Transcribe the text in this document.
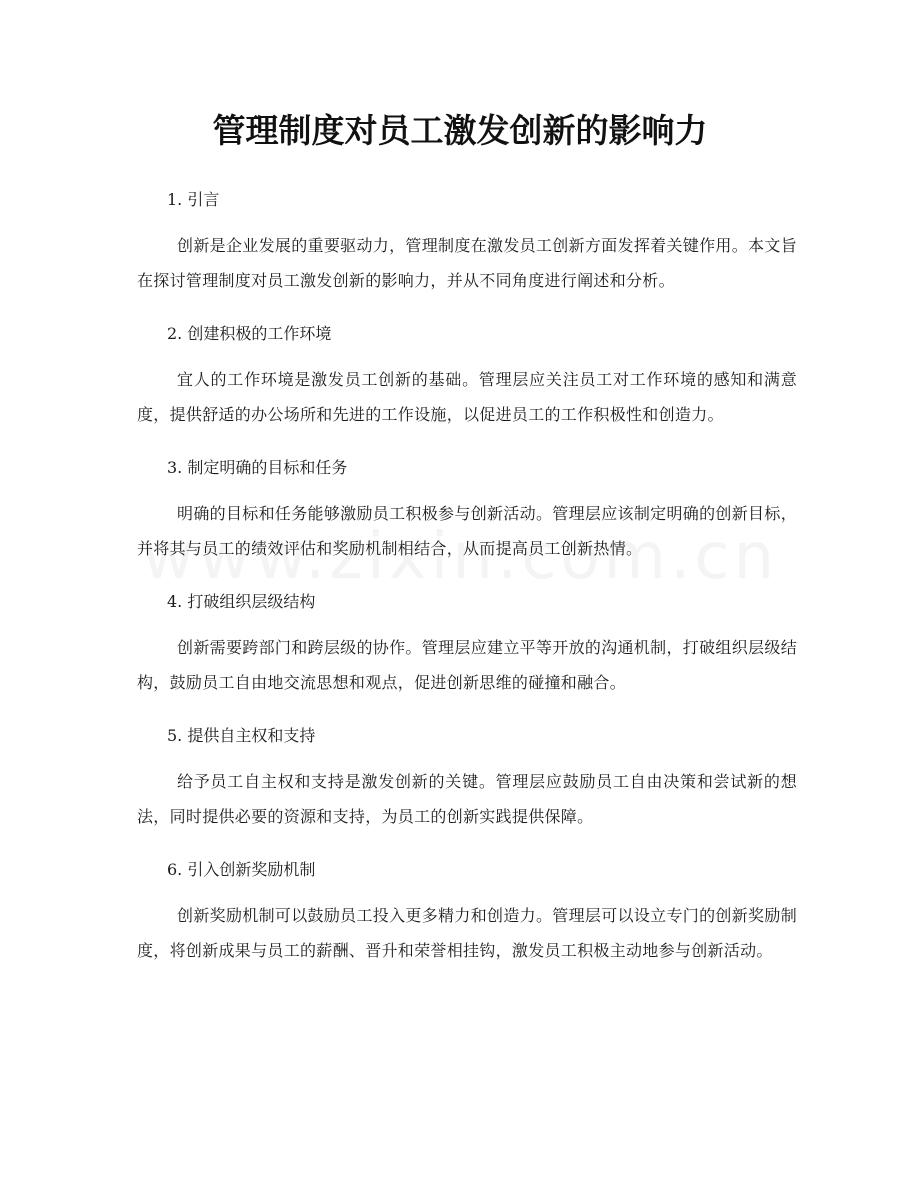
管理制度对员工激发创新的影响力
1. 引言

创新是企业发展的重要驱动力，管理制度在激发员工创新方面发挥着关键作用。本文旨在探讨管理制度对员工激发创新的影响力，并从不同角度进行阐述和分析。

2. 创建积极的工作环境

宜人的工作环境是激发员工创新的基础。管理层应关注员工对工作环境的感知和满意度，提供舒适的办公场所和先进的工作设施，以促进员工的工作积极性和创造力。

3. 制定明确的目标和任务

明确的目标和任务能够激励员工积极参与创新活动。管理层应该制定明确的创新目标，并将其与员工的绩效评估和奖励机制相结合，从而提高员工创新热情。

4. 打破组织层级结构

创新需要跨部门和跨层级的协作。管理层应建立平等开放的沟通机制，打破组织层级结构，鼓励员工自由地交流思想和观点，促进创新思维的碰撞和融合。

5. 提供自主权和支持

给予员工自主权和支持是激发创新的关键。管理层应鼓励员工自由决策和尝试新的想法，同时提供必要的资源和支持，为员工的创新实践提供保障。

6. 引入创新奖励机制

创新奖励机制可以鼓励员工投入更多精力和创造力。管理层可以设立专门的创新奖励制度，将创新成果与员工的薪酬、晋升和荣誉相挂钩，激发员工积极主动地参与创新活动。
